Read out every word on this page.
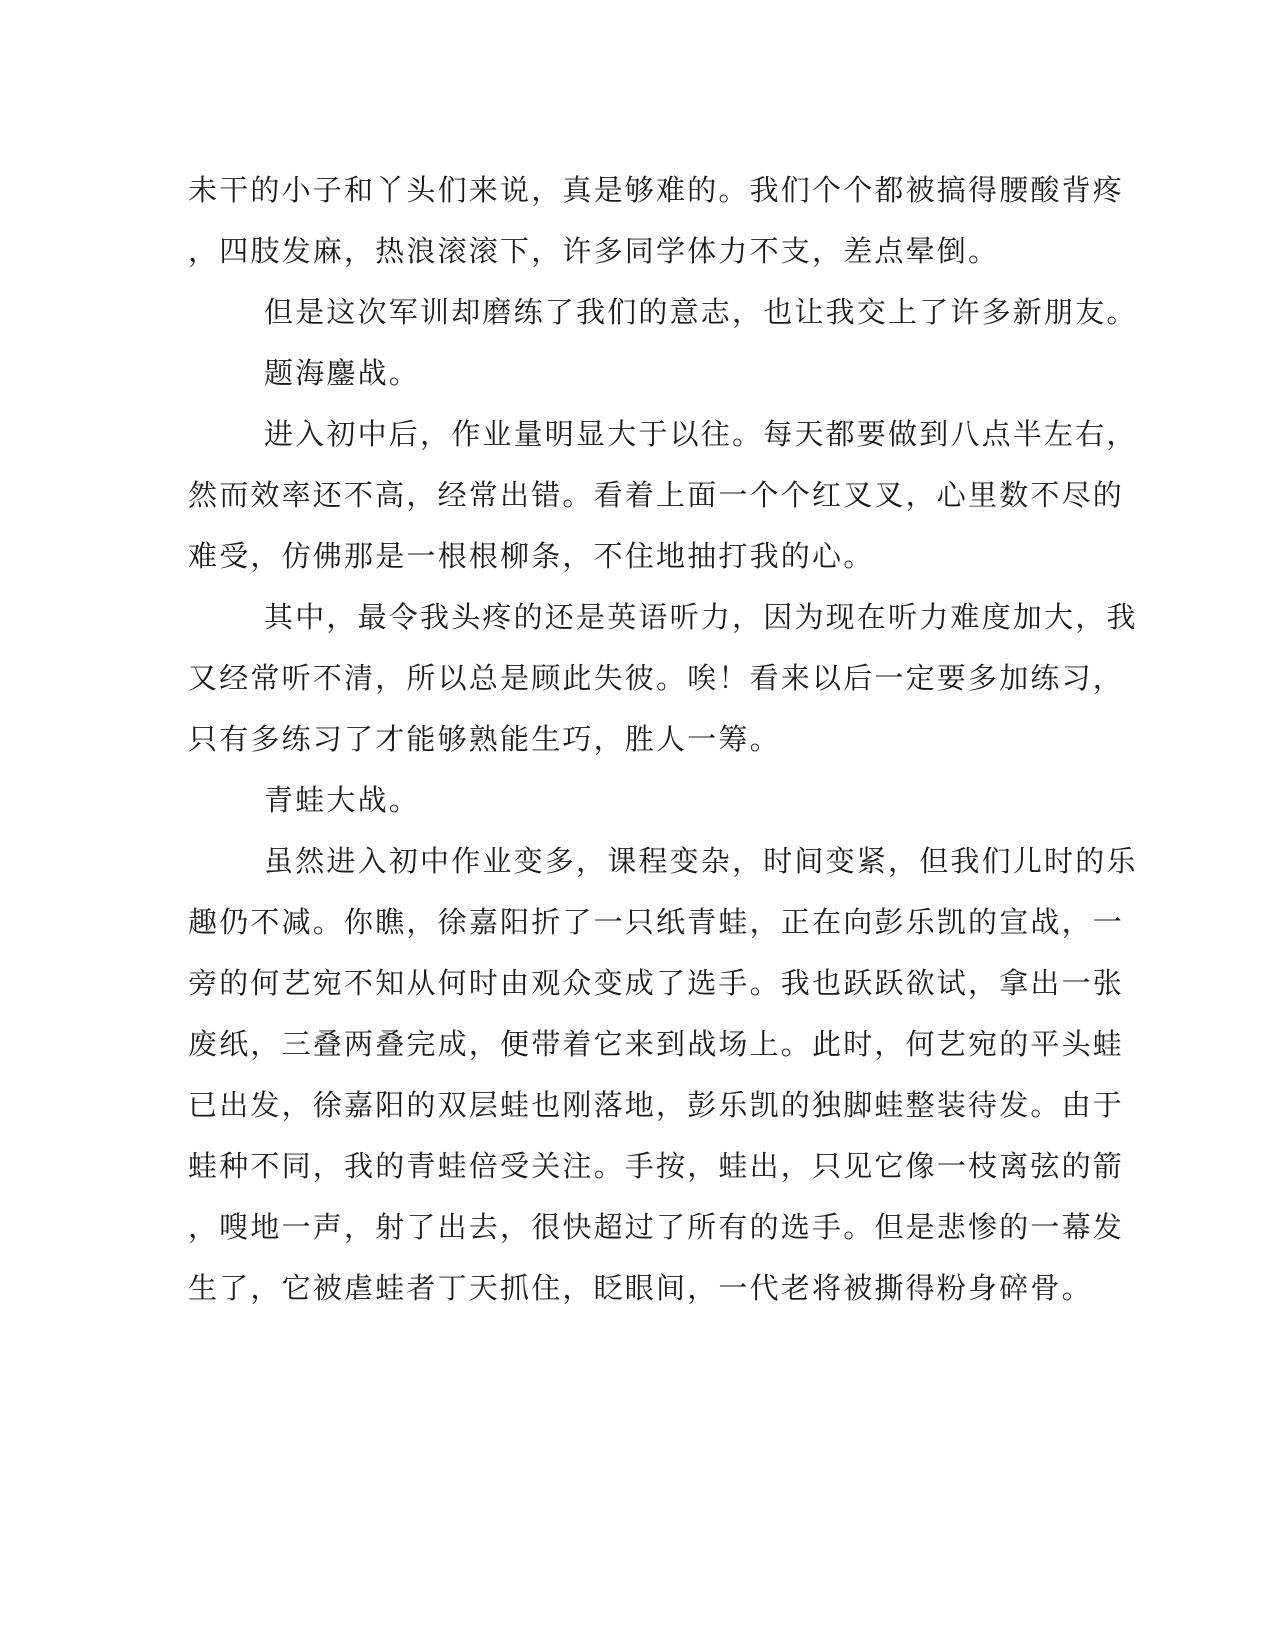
未干的小子和丫头们来说，真是够难的。我们个个都被搞得腰酸背疼
，四肢发麻，热浪滚滚下，许多同学体力不支，差点晕倒。
但是这次军训却磨练了我们的意志，也让我交上了许多新朋友。
题海鏖战。
进入初中后，作业量明显大于以往。每天都要做到八点半左右，
然而效率还不高，经常出错。看着上面一个个红叉叉，心里数不尽的
难受，仿佛那是一根根柳条，不住地抽打我的心。
其中，最令我头疼的还是英语听力，因为现在听力难度加大，我
又经常听不清，所以总是顾此失彼。唉！看来以后一定要多加练习，
只有多练习了才能够熟能生巧，胜人一筹。
青蛙大战。
虽然进入初中作业变多，课程变杂，时间变紧，但我们儿时的乐
趣仍不减。你瞧，徐嘉阳折了一只纸青蛙，正在向彭乐凯的宣战，一
旁的何艺宛不知从何时由观众变成了选手。我也跃跃欲试，拿出一张
废纸，三叠两叠完成，便带着它来到战场上。此时，何艺宛的平头蛙
已出发，徐嘉阳的双层蛙也刚落地，彭乐凯的独脚蛙整装待发。由于
蛙种不同，我的青蛙倍受关注。手按，蛙出，只见它像一枝离弦的箭
，嗖地一声，射了出去，很快超过了所有的选手。但是悲惨的一幕发
生了，它被虐蛙者丁天抓住，眨眼间，一代老将被撕得粉身碎骨。
